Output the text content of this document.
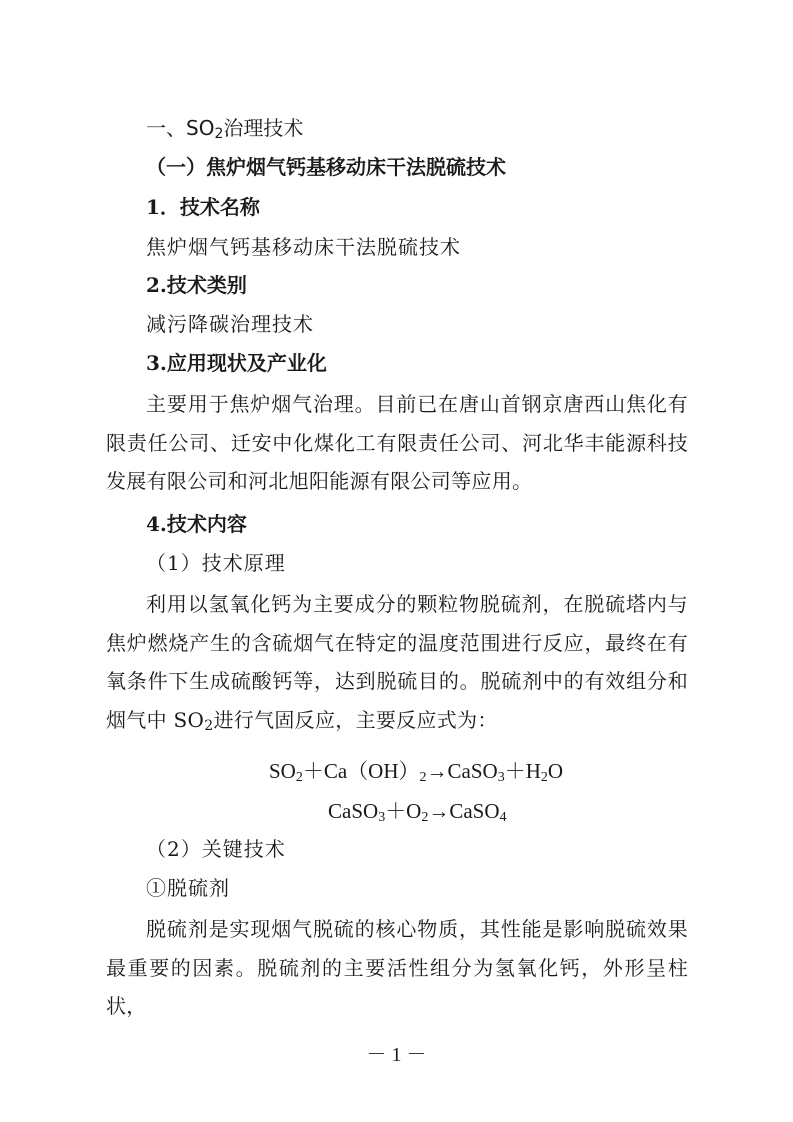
一、$SO_2$治理技术
（一）焦炉烟气钙基移动床干法脱硫技术
1．技术名称
焦炉烟气钙基移动床干法脱硫技术
2.技术类别
减污降碳治理技术
3.应用现状及产业化
主要用于焦炉烟气治理。目前已在唐山首钢京唐西山焦化有限责任公司、迁安中化煤化工有限责任公司、河北华丰能源科技发展有限公司和河北旭阳能源有限公司等应用。
4.技术内容
（1）技术原理
利用以氢氧化钙为主要成分的颗粒物脱硫剂，在脱硫塔内与焦炉燃烧产生的含硫烟气在特定的温度范围进行反应，最终在有氧条件下生成硫酸钙等，达到脱硫目的。脱硫剂中的有效组分和烟气中 $SO_2$进行气固反应，主要反应式为：
$SO_2+Ca(OH)_2\to CaSO_3+H_2O$
$CaSO_3+O_2\to CaSO_4$
（2）关键技术
①脱硫剂
脱硫剂是实现烟气脱硫的核心物质，其性能是影响脱硫效果最重要的因素。脱硫剂的主要活性组分为氢氧化钙，外形呈柱状，
－ 1 －
